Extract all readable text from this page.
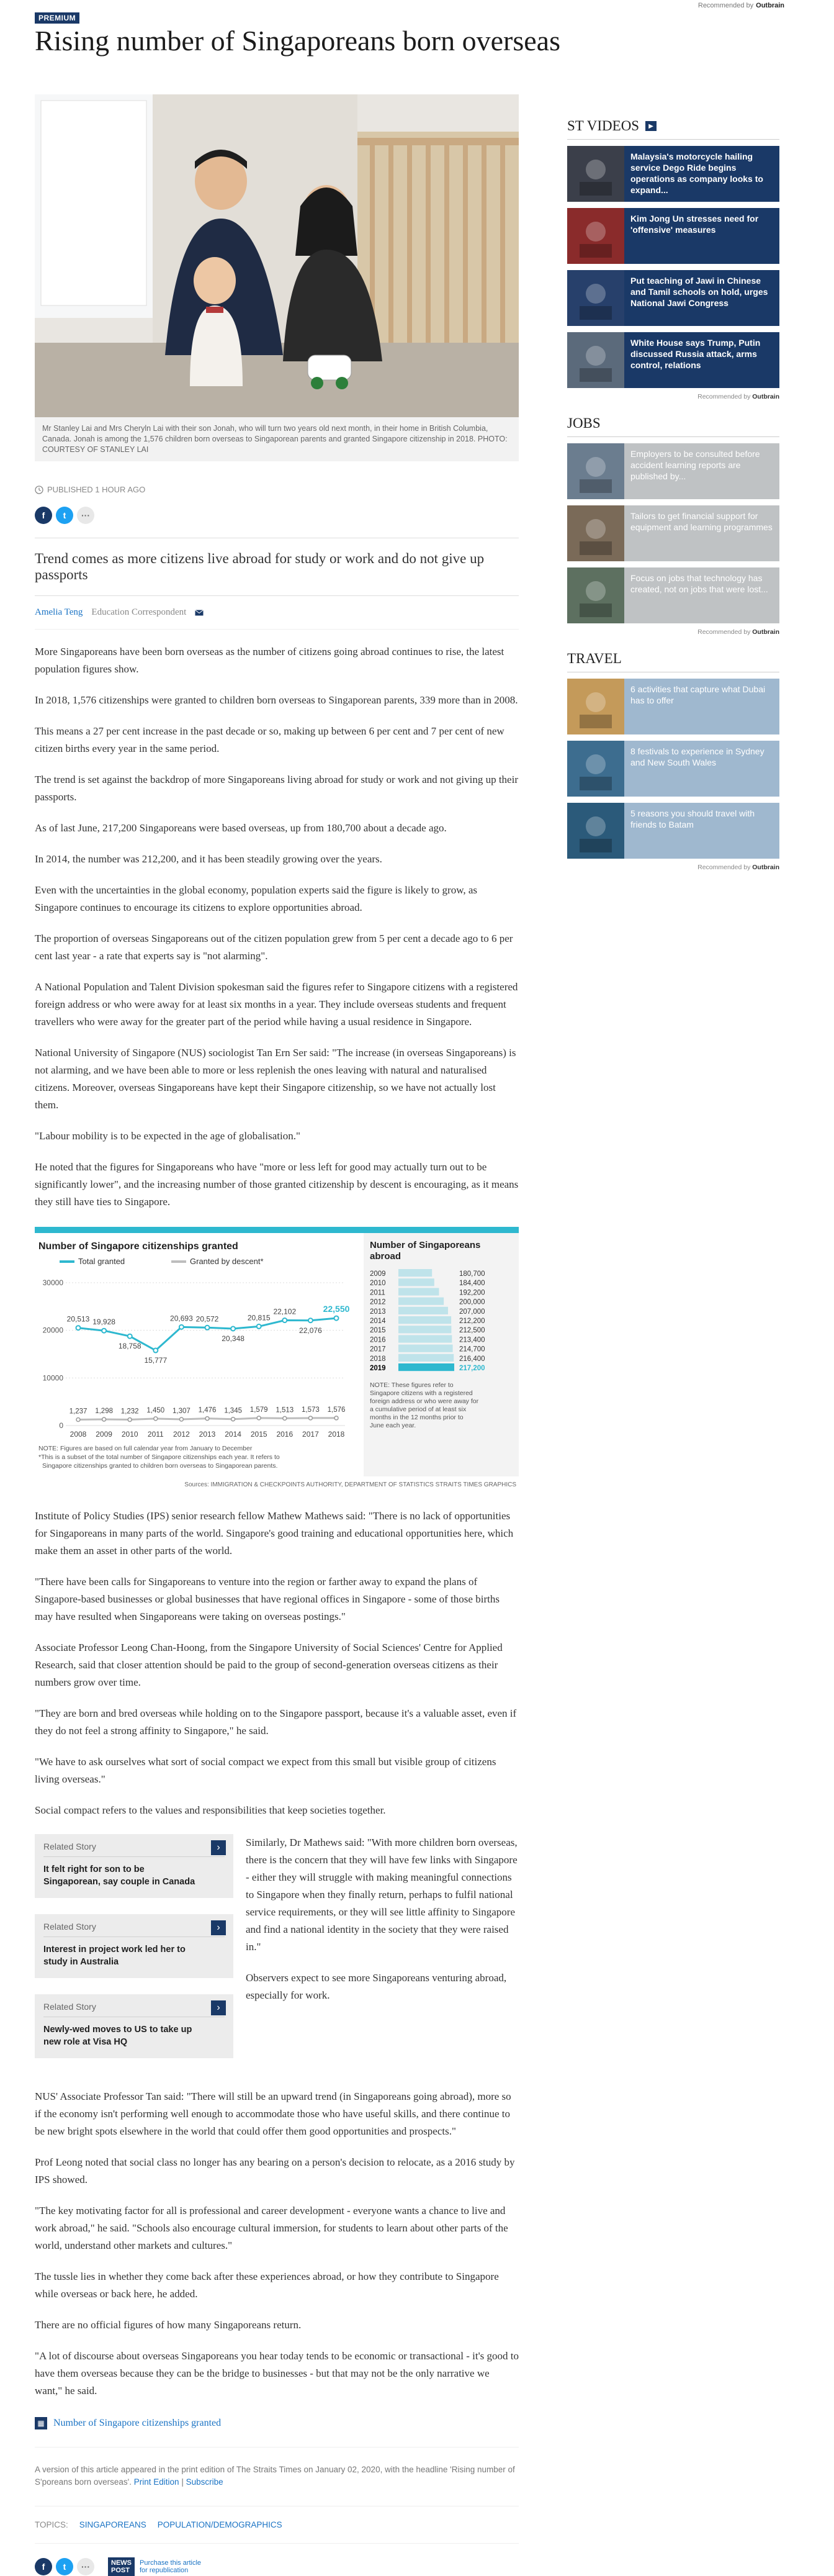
Recommended by Outbrain
PREMIUM
Rising number of Singaporeans born overseas
Mr Stanley Lai and Mrs Cheryln Lai with their son Jonah, who will turn two years old next month, in their home in British Columbia, Canada. Jonah is among the 1,576 children born overseas to Singaporean parents and granted Singapore citizenship in 2018. PHOTO: COURTESY OF STANLEY LAI
PUBLISHED 1 HOUR AGO
f	t	···
Trend comes as more citizens live abroad for study or work and do not give up passports
Amelia Teng Education Correspondent

More Singaporeans have been born overseas as the number of citizens going abroad continues to rise, the latest population figures show.

In 2018, 1,576 citizenships were granted to children born overseas to Singaporean parents, 339 more than in 2008.

This means a 27 per cent increase in the past decade or so, making up between 6 per cent and 7 per cent of new citizen births every year in the same period.

The trend is set against the backdrop of more Singaporeans living abroad for study or work and not giving up their passports.

As of last June, 217,200 Singaporeans were based overseas, up from 180,700 about a decade ago.

In 2014, the number was 212,200, and it has been steadily growing over the years.

Even with the uncertainties in the global economy, population experts said the figure is likely to grow, as Singapore continues to encourage its citizens to explore opportunities abroad.

The proportion of overseas Singaporeans out of the citizen population grew from 5 per cent a decade ago to 6 per cent last year - a rate that experts say is "not alarming".

A National Population and Talent Division spokesman said the figures refer to Singapore citizens with a registered foreign address or who were away for at least six months in a year. They include overseas students and frequent travellers who were away for the greater part of the period while having a usual residence in Singapore.

National University of Singapore (NUS) sociologist Tan Ern Ser said: "The increase (in overseas Singaporeans) is not alarming, and we have been able to more or less replenish the ones leaving with natural and naturalised citizens. Moreover, overseas Singaporeans have kept their Singapore citizenship, so we have not actually lost them.

"Labour mobility is to be expected in the age of globalisation."

He noted that the figures for Singaporeans who have "more or less left for good may actually turn out to be significantly lower", and the increasing number of those granted citizenship by descent is encouraging, as it means they still have ties to Singapore.

Number of Singapore citizenships granted
Total granted	Granted by descent*
30000
20000
10000
0
20,513 19,928
18,758
15,777
20,693 20,572
20,348
20,815
22,102
22,076
22,550
1,237 1,298 1,232 1,450 1,307 1,476 1,345 1,579 1,513 1,573 1,576
2008 2009 2010 2011 2012 2013 2014 2015 2016 2017 2018
NOTE: Figures are based on full calendar year from January to December
*This is a subset of the total number of Singapore citizenships each year. It refers to
Singapore citizenships granted to children born overseas to Singaporean parents.
Number of Singaporeans
abroad
2009	180,700
2010	184,400
2011	192,200
2012	200,000
2013	207,000
2014	212,200
2015	212,500
2016	213,400
2017	214,700
2018	216,400
2019	217,200
NOTE: These figures refer to
Singapore citizens with a registered
foreign address or who were away for
a cumulative period of at least six
months in the 12 months prior to
June each year.
Sources: IMMIGRATION & CHECKPOINTS AUTHORITY, DEPARTMENT OF STATISTICS STRAITS TIMES GRAPHICS

Institute of Policy Studies (IPS) senior research fellow Mathew Mathews said: "There is no lack of opportunities for Singaporeans in many parts of the world. Singapore's good training and educational opportunities here, which make them an asset in other parts of the world.

"There have been calls for Singaporeans to venture into the region or farther away to expand the plans of Singapore-based businesses or global businesses that have regional offices in Singapore - some of those births may have resulted when Singaporeans were taking on overseas postings."

Associate Professor Leong Chan-Hoong, from the Singapore University of Social Sciences' Centre for Applied Research, said that closer attention should be paid to the group of second-generation overseas citizens as their numbers grow over time.

"They are born and bred overseas while holding on to the Singapore passport, because it's a valuable asset, even if they do not feel a strong affinity to Singapore," he said.

"We have to ask ourselves what sort of social compact we expect from this small but visible group of citizens living overseas."

Social compact refers to the values and responsibilities that keep societies together.

Related Story
It felt right for son to be Singaporean, say couple in Canada
›
Related Story
Interest in project work led her to study in Australia
›
Related Story
Newly-wed moves to US to take up new role at Visa HQ
›

Similarly, Dr Mathews said: "With more children born overseas, there is the concern that they will have few links with Singapore - either they will struggle with making meaningful connections to Singapore when they finally return, perhaps to fulfil national service requirements, or they will see little affinity to Singapore and find a national identity in the society that they were raised in."

Observers expect to see more Singaporeans venturing abroad, especially for work.

NUS' Associate Professor Tan said: "There will still be an upward trend (in Singaporeans going abroad), more so if the economy isn't performing well enough to accommodate those who have useful skills, and there continue to be new bright spots elsewhere in the world that could offer them good opportunities and prospects."

Prof Leong noted that social class no longer has any bearing on a person's decision to relocate, as a 2016 study by IPS showed.

"The key motivating factor for all is professional and career development - everyone wants a chance to live and work abroad," he said. "Schools also encourage cultural immersion, for students to learn about other parts of the world, understand other markets and cultures."

The tussle lies in whether they come back after these experiences abroad, or how they contribute to Singapore while overseas or back here, he added.

There are no official figures of how many Singaporeans return.

"A lot of discourse about overseas Singaporeans you hear today tends to be economic or transactional - it's good to have them overseas because they can be the bridge to businesses - but that may not be the only narrative we want," he said.

▦ Number of Singapore citizenships granted
A version of this article appeared in the print edition of The Straits Times on January 02, 2020, with the headline 'Rising number of S'poreans born overseas'. Print Edition | Subscribe
TOPICS: SINGAPOREANS POPULATION/DEMOGRAPHICS
f	t	···	NEWS
POST
Purchase this article for republication
ST VIDEOS	▶
Malaysia's motorcycle hailing service Dego Ride begins operations as company looks to expand...
Kim Jong Un stresses need for 'offensive' measures
Put teaching of Jawi in Chinese and Tamil schools on hold, urges National Jawi Congress
White House says Trump, Putin discussed Russia attack, arms control, relations
Recommended by Outbrain
JOBS
Employers to be consulted before accident learning reports are published by...
Tailors to get financial support for equipment and learning programmes
Focus on jobs that technology has created, not on jobs that were lost...
Recommended by Outbrain
TRAVEL
6 activities that capture what Dubai has to offer
8 festivals to experience in Sydney and New South Wales
5 reasons you should travel with friends to Batam
Recommended by Outbrain
